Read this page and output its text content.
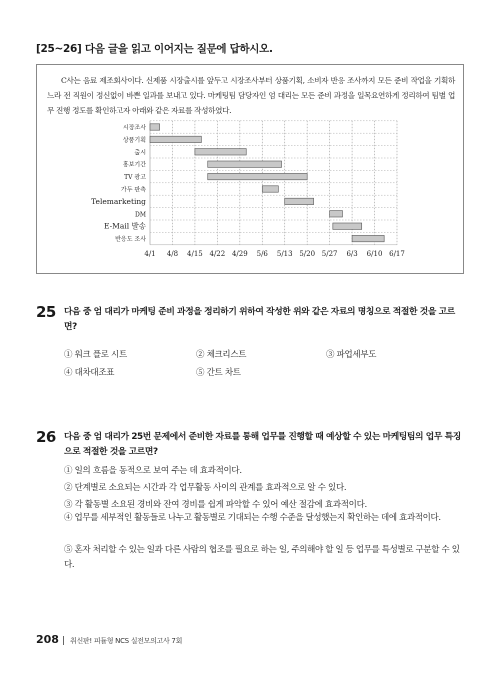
[25~26] 다음 글을 읽고 이어지는 질문에 답하시오.

C사는 음료 제조회사이다. 신제품 시장출시를 앞두고 시장조사부터 상품기획, 소비자 반응 조사까지 모든 준비 작업을 기획하느라 전 직원이 정신없이 바쁜 일과를 보내고 있다. 마케팅팀 담당자인 엄 대리는 모든 준비 과정을 일목요연하게 정리하여 팀별 업무 진행 정도를 확인하고자 아래와 같은 자료를 작성하였다.

시장조사
상품기획
출시
홍보기간
TV 광고
가두 판촉
Telemarketing
DM
E-Mail 발송
반응도 조사
4/1 4/8 4/15 4/22 4/29 5/6 5/13 5/20 5/27 6/3 6/10 6/17
25 다음 중 엄 대리가 마케팅 준비 과정을 정리하기 위하여 작성한 위와 같은 자료의 명칭으로 적절한 것을 고르면?
① 워크 플로 시트	② 체크리스트	③ 파업세부도
④ 대차대조표	⑤ 간트 차트
26 다음 중 엄 대리가 25번 문제에서 준비한 자료를 통해 업무를 진행할 때 예상할 수 있는 마케팅팀의 업무 특징으로 적절한 것을 고르면?
① 일의 흐름을 동적으로 보여 주는 데 효과적이다.
② 단계별로 소요되는 시간과 각 업무활동 사이의 관계를 효과적으로 알 수 있다.
③ 각 활동별 소요된 경비와 잔여 경비를 쉽게 파악할 수 있어 예산 절감에 효과적이다.
④ 업무를 세부적인 활동들로 나누고 활동별로 기대되는 수행 수준을 달성했는지 확인하는 데에 효과적이다.
⑤ 혼자 처리할 수 있는 일과 다른 사람의 협조를 필요로 하는 일, 주의해야 할 일 등 업무를 특성별로 구분할 수 있다.
208 취신판! 피듈형 NCS 실전모의고사 7회
